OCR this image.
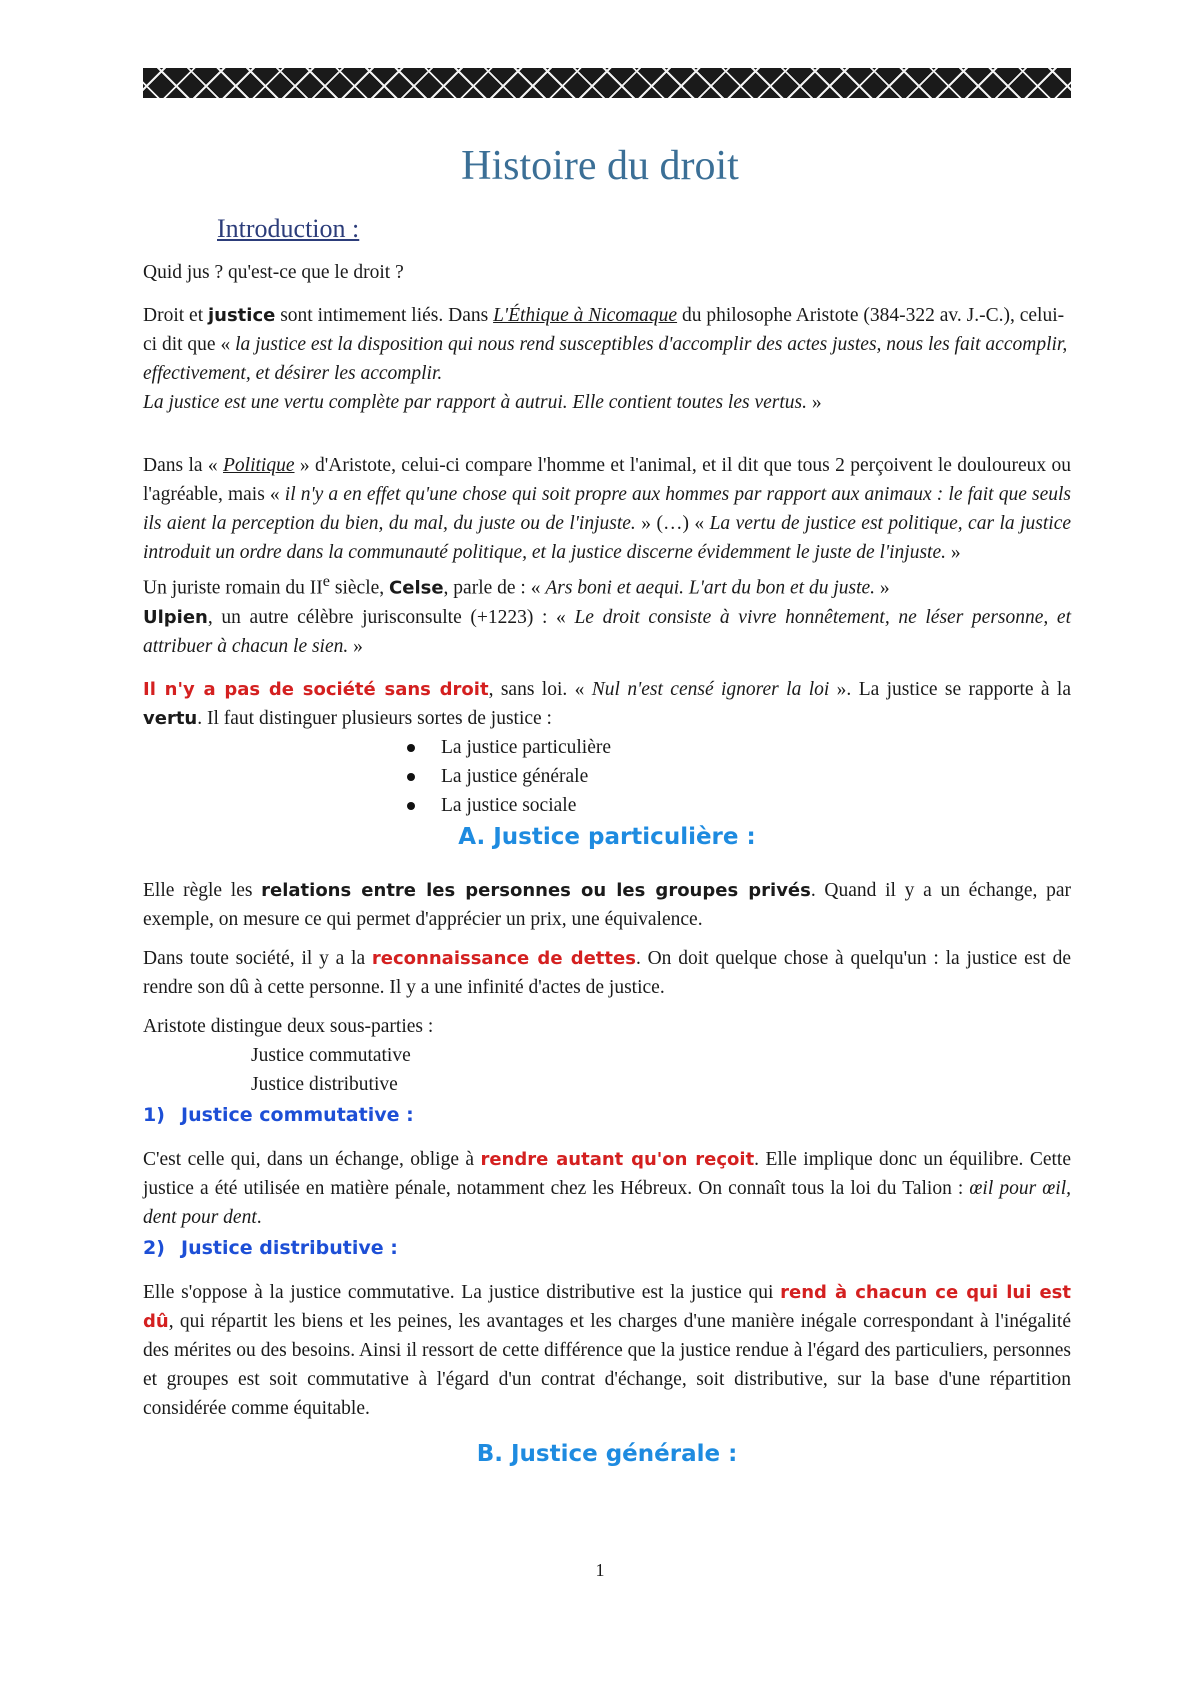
Histoire du droit

Introduction :

Quid jus ? qu'est-ce que le droit ?

Droit et justice sont intimement liés. Dans L'Éthique à Nicomaque du philosophe Aristote (384-322 av. J.-C.), celui-ci dit que « la justice est la disposition qui nous rend susceptibles d'accomplir des actes justes, nous les fait accomplir, effectivement, et désirer les accomplir.
La justice est une vertu complète par rapport à autrui. Elle contient toutes les vertus. »

Dans la « Politique » d'Aristote, celui-ci compare l'homme et l'animal, et il dit que tous 2 perçoivent le douloureux ou l'agréable, mais « il n'y a en effet qu'une chose qui soit propre aux hommes par rapport aux animaux : le fait que seuls ils aient la perception du bien, du mal, du juste ou de l'injuste. » (…) « La vertu de justice est politique, car la justice introduit un ordre dans la communauté politique, et la justice discerne évidemment le juste de l'injuste. »

Un juriste romain du IIe siècle, Celse, parle de : « Ars boni et aequi. L'art du bon et du juste. »

Ulpien, un autre célèbre jurisconsulte (+1223) : « Le droit consiste à vivre honnêtement, ne léser personne, et attribuer à chacun le sien. »

Il n'y a pas de société sans droit, sans loi. « Nul n'est censé ignorer la loi ». La justice se rapporte à la vertu. Il faut distinguer plusieurs sortes de justice :

La justice particulière
La justice générale
La justice sociale

A. Justice particulière :

Elle règle les relations entre les personnes ou les groupes privés. Quand il y a un échange, par exemple, on mesure ce qui permet d'apprécier un prix, une équivalence.

Dans toute société, il y a la reconnaissance de dettes. On doit quelque chose à quelqu'un : la justice est de rendre son dû à cette personne. Il y a une infinité d'actes de justice.

Aristote distingue deux sous-parties :

Justice commutative

Justice distributive

1) Justice commutative :

C'est celle qui, dans un échange, oblige à rendre autant qu'on reçoit. Elle implique donc un équilibre. Cette justice a été utilisée en matière pénale, notamment chez les Hébreux. On connaît tous la loi du Talion : œil pour œil, dent pour dent.

2) Justice distributive :

Elle s'oppose à la justice commutative. La justice distributive est la justice qui rend à chacun ce qui lui est dû, qui répartit les biens et les peines, les avantages et les charges d'une manière inégale correspondant à l'inégalité des mérites ou des besoins. Ainsi il ressort de cette différence que la justice rendue à l'égard des particuliers, personnes et groupes est soit commutative à l'égard d'un contrat d'échange, soit distributive, sur la base d'une répartition considérée comme équitable.

B. Justice générale :

1
